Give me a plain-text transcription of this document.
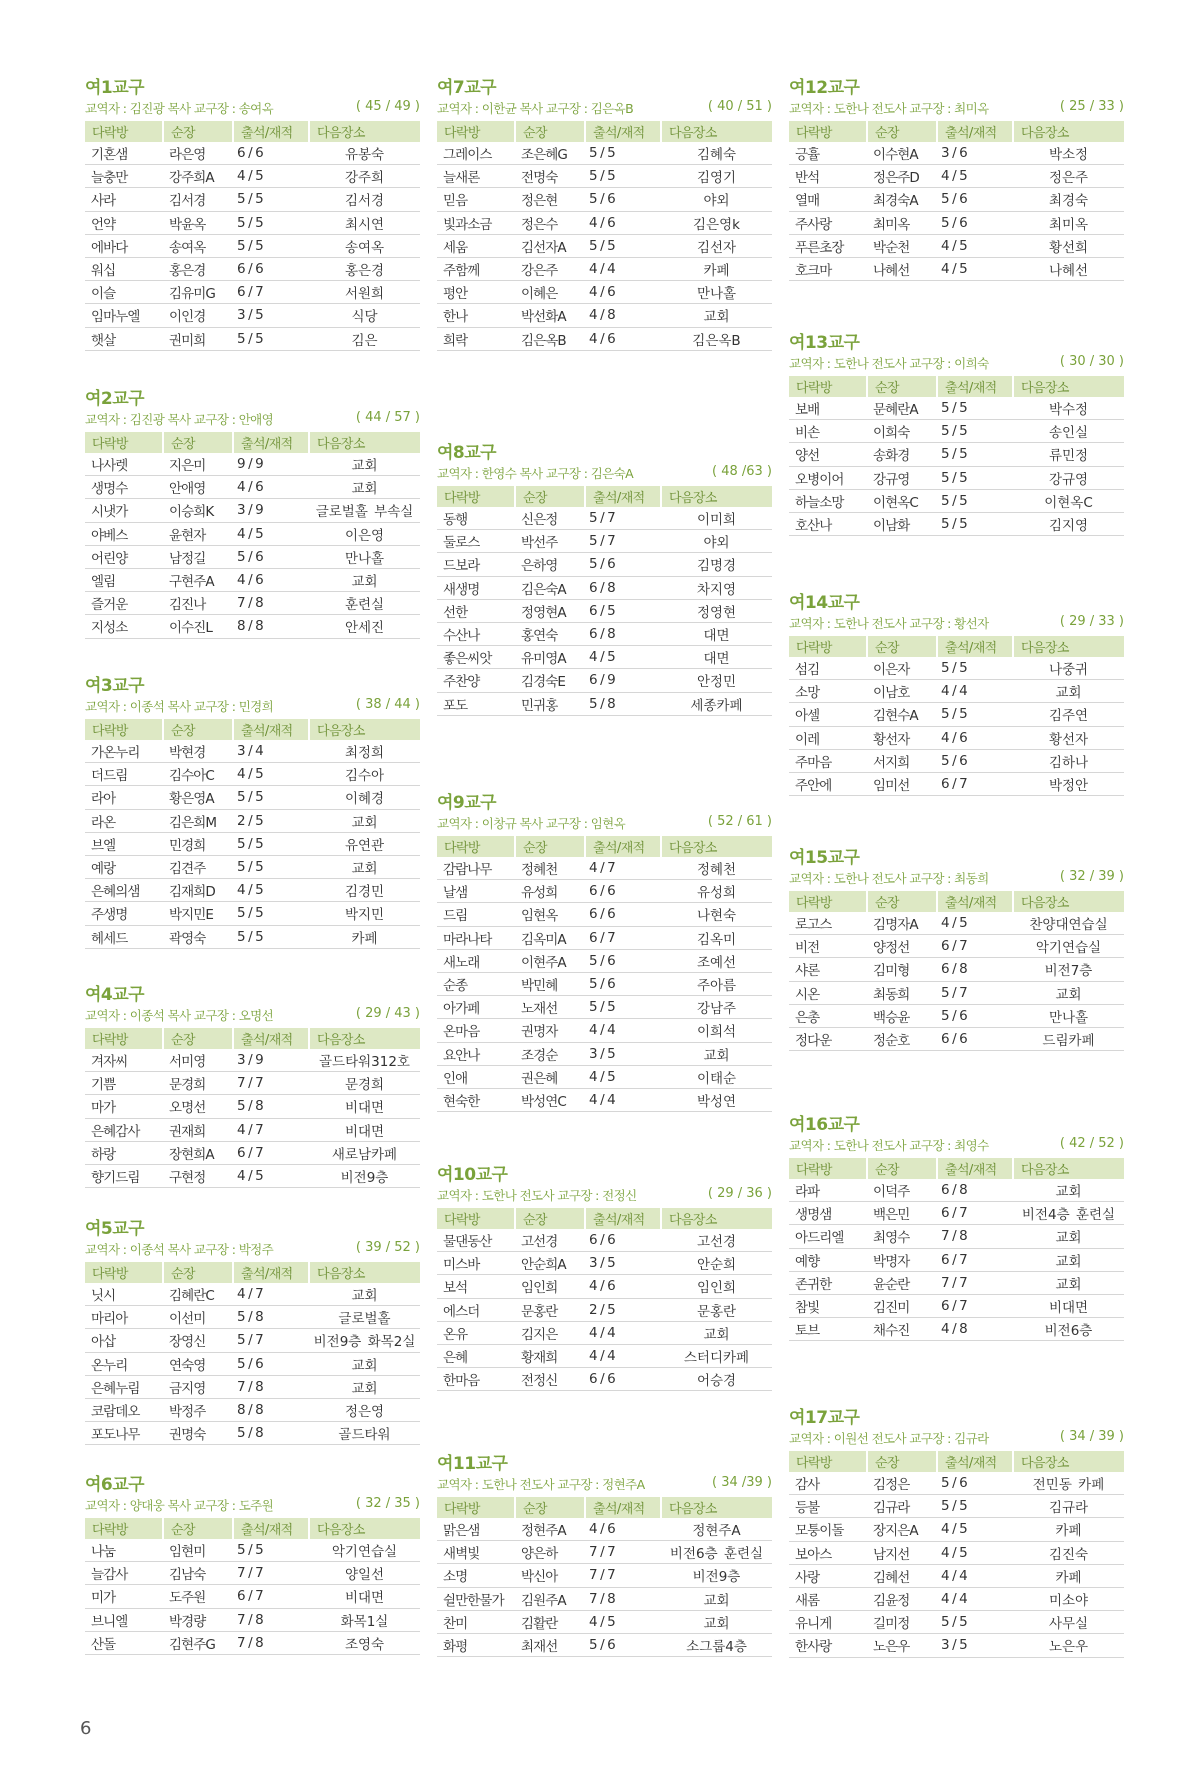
여1교구
교역자 : 김진광 목사 교구장 : 송여옥	( 45 / 49 )
다락방	순장	출석/재적	다음장소
기혼샘	라은영	6 / 6	유봉숙
늘충만	강주희A	4 / 5	강주희
사라	김서경	5 / 5	김서경
언약	박윤옥	5 / 5	최시연
에바다	송여옥	5 / 5	송여옥
워십	홍은경	6 / 6	홍은경
이슬	김유미G	6 / 7	서원희
임마누엘	이인경	3 / 5	식당
햇살	권미희	5 / 5	김은
여2교구
교역자 : 김진광 목사 교구장 : 안애영	( 44 / 57 )
다락방	순장	출석/재적	다음장소
나사렛	지은미	9 / 9	교회
생명수	안애영	4 / 6	교회
시냇가	이승희K	3 / 9	글로벌홀 부속실
야베스	윤현자	4 / 5	이은영
어린양	남정길	5 / 6	만나홀
엘림	구현주A	4 / 6	교회
즐거운	김진나	7 / 8	훈련실
지성소	이수진L	8 / 8	안세진
여3교구
교역자 : 이종석 목사 교구장 : 민경희	( 38 / 44 )
다락방	순장	출석/재적	다음장소
가온누리	박현경	3 / 4	최정희
더드림	김수아C	4 / 5	김수아
라아	황은영A	5 / 5	이혜경
라온	김은희M	2 / 5	교회
브엘	민경희	5 / 5	유연관
예랑	김견주	5 / 5	교회
은혜의샘	김재희D	4 / 5	김경민
주생명	박지민E	5 / 5	박지민
헤세드	곽영숙	5 / 5	카페
여4교구
교역자 : 이종석 목사 교구장 : 오명선	( 29 / 43 )
다락방	순장	출석/재적	다음장소
겨자씨	서미영	3 / 9	골드타워312호
기쁨	문경희	7 / 7	문경희
마가	오명선	5 / 8	비대면
은혜감사	권재희	4 / 7	비대면
하랑	장현희A	6 / 7	새로남카페
향기드림	구현정	4 / 5	비전9층
여5교구
교역자 : 이종석 목사 교구장 : 박정주	( 39 / 52 )
다락방	순장	출석/재적	다음장소
닛시	김혜란C	4 / 7	교회
마리아	이선미	5 / 8	글로벌홀
아삽	장영신	5 / 7	비전9층 화목2실
온누리	연숙영	5 / 6	교회
은혜누림	금지영	7 / 8	교회
코람데오	박정주	8 / 8	정은영
포도나무	권명숙	5 / 8	골드타워
여6교구
교역자 : 양대웅 목사 교구장 : 도주원	( 32 / 35 )
다락방	순장	출석/재적	다음장소
나눔	임현미	5 / 5	악기연습실
늘감사	김남숙	7 / 7	양일선
미가	도주원	6 / 7	비대면
브니엘	박경량	7 / 8	화목1실
산돌	김현주G	7 / 8	조영숙
여7교구
교역자 : 이한균 목사 교구장 : 김은옥B	( 40 / 51 )
다락방	순장	출석/재적	다음장소
그레이스	조은혜G	5 / 5	김혜숙
늘새론	전명숙	5 / 5	김영기
믿음	정은현	5 / 6	야외
빛과소금	정은수	4 / 6	김은영k
세움	김선자A	5 / 5	김선자
주함께	강은주	4 / 4	카페
평안	이혜은	4 / 6	만나홀
한나	박선화A	4 / 8	교회
희락	김은옥B	4 / 6	김은옥B
여8교구
교역자 : 한영수 목사 교구장 : 김은숙A	( 48 /63 )
다락방	순장	출석/재적	다음장소
동행	신은정	5 / 7	이미희
둘로스	박선주	5 / 7	야외
드보라	은하영	5 / 6	김명경
새생명	김은숙A	6 / 8	차지영
선한	정영현A	6 / 5	정영현
수산나	홍연숙	6 / 8	대면
좋은씨앗	유미영A	4 / 5	대면
주찬양	김경숙E	6 / 9	안정민
포도	민귀홍	5 / 8	세종카페
여9교구
교역자 : 이창규 목사 교구장 : 임현옥	( 52 / 61 )
다락방	순장	출석/재적	다음장소
감람나무	정혜천	4 / 7	정혜천
날샘	유성희	6 / 6	유성희
드림	임현옥	6 / 6	나현숙
마라나타	김옥미A	6 / 7	김옥미
새노래	이현주A	5 / 6	조예선
순종	박민혜	5 / 6	주아름
아가페	노재선	5 / 5	강남주
온마음	권명자	4 / 4	이희석
요안나	조경순	3 / 5	교회
인애	권은혜	4 / 5	이태순
현숙한	박성연C	4 / 4	박성연
여10교구
교역자 : 도한나 전도사 교구장 : 전정신	( 29 / 36 )
다락방	순장	출석/재적	다음장소
물댄동산	고선경	6 / 6	고선경
미스바	안순희A	3 / 5	안순희
보석	임인희	4 / 6	임인희
에스더	문홍란	2 / 5	문홍란
온유	김지은	4 / 4	교회
은혜	황재희	4 / 4	스터디카페
한마음	전정신	6 / 6	어승경
여11교구
교역자 : 도한나 전도사 교구장 : 정현주A	( 34 /39 )
다락방	순장	출석/재적	다음장소
맑은샘	정현주A	4 / 6	정현주A
새벽빛	양은하	7 / 7	비전6층 훈련실
소명	박신아	7 / 7	비전9층
쉴만한물가	김원주A	7 / 8	교회
찬미	김활란	4 / 5	교회
화평	최재선	5 / 6	소그룹4층
여12교구
교역자 : 도한나 전도사 교구장 : 최미옥	( 25 / 33 )
다락방	순장	출석/재적	다음장소
긍휼	이수현A	3 / 6	박소정
반석	정은주D	4 / 5	정은주
열매	최경숙A	5 / 6	최경숙
주사랑	최미옥	5 / 6	최미옥
푸른초장	박순천	4 / 5	황선희
호크마	나혜선	4 / 5	나혜선
여13교구
교역자 : 도한나 전도사 교구장 : 이희숙	( 30 / 30 )
다락방	순장	출석/재적	다음장소
보배	문혜란A	5 / 5	박수정
비손	이희숙	5 / 5	송인실
양선	송화경	5 / 5	류민정
오병이어	강규영	5 / 5	강규영
하늘소망	이현옥C	5 / 5	이현옥C
호산나	이남화	5 / 5	김지영
여14교구
교역자 : 도한나 전도사 교구장 : 황선자	( 29 / 33 )
다락방	순장	출석/재적	다음장소
섬김	이은자	5 / 5	나중귀
소망	이남호	4 / 4	교회
아셀	김현수A	5 / 5	김주연
이레	황선자	4 / 6	황선자
주마음	서지희	5 / 6	김하나
주안에	임미선	6 / 7	박정안
여15교구
교역자 : 도한나 전도사 교구장 : 최동희	( 32 / 39 )
다락방	순장	출석/재적	다음장소
로고스	김명자A	4 / 5	찬양대연습실
비전	양정선	6 / 7	악기연습실
샤론	김미형	6 / 8	비전7층
시온	최동희	5 / 7	교회
은총	백승윤	5 / 6	만나홀
정다운	정순호	6 / 6	드림카페
여16교구
교역자 : 도한나 전도사 교구장 : 최영수	( 42 / 52 )
다락방	순장	출석/재적	다음장소
라파	이덕주	6 / 8	교회
생명샘	백은민	6 / 7	비전4층 훈련실
아드리엘	최영수	7 / 8	교회
예향	박명자	6 / 7	교회
존귀한	윤순란	7 / 7	교회
참빛	김진미	6 / 7	비대면
토브	채수진	4 / 8	비전6층
여17교구
교역자 : 이원선 전도사 교구장 : 김규라	( 34 / 39 )
다락방	순장	출석/재적	다음장소
감사	김정은	5 / 6	전민동 카페
등불	김규라	5 / 5	김규라
모퉁이돌	장지은A	4 / 5	카페
보아스	남지선	4 / 5	김진숙
사랑	김혜선	4 / 4	카페
새롬	김윤정	4 / 4	미소야
유니게	길미정	5 / 5	사무실
한사랑	노은우	3 / 5	노은우
6
